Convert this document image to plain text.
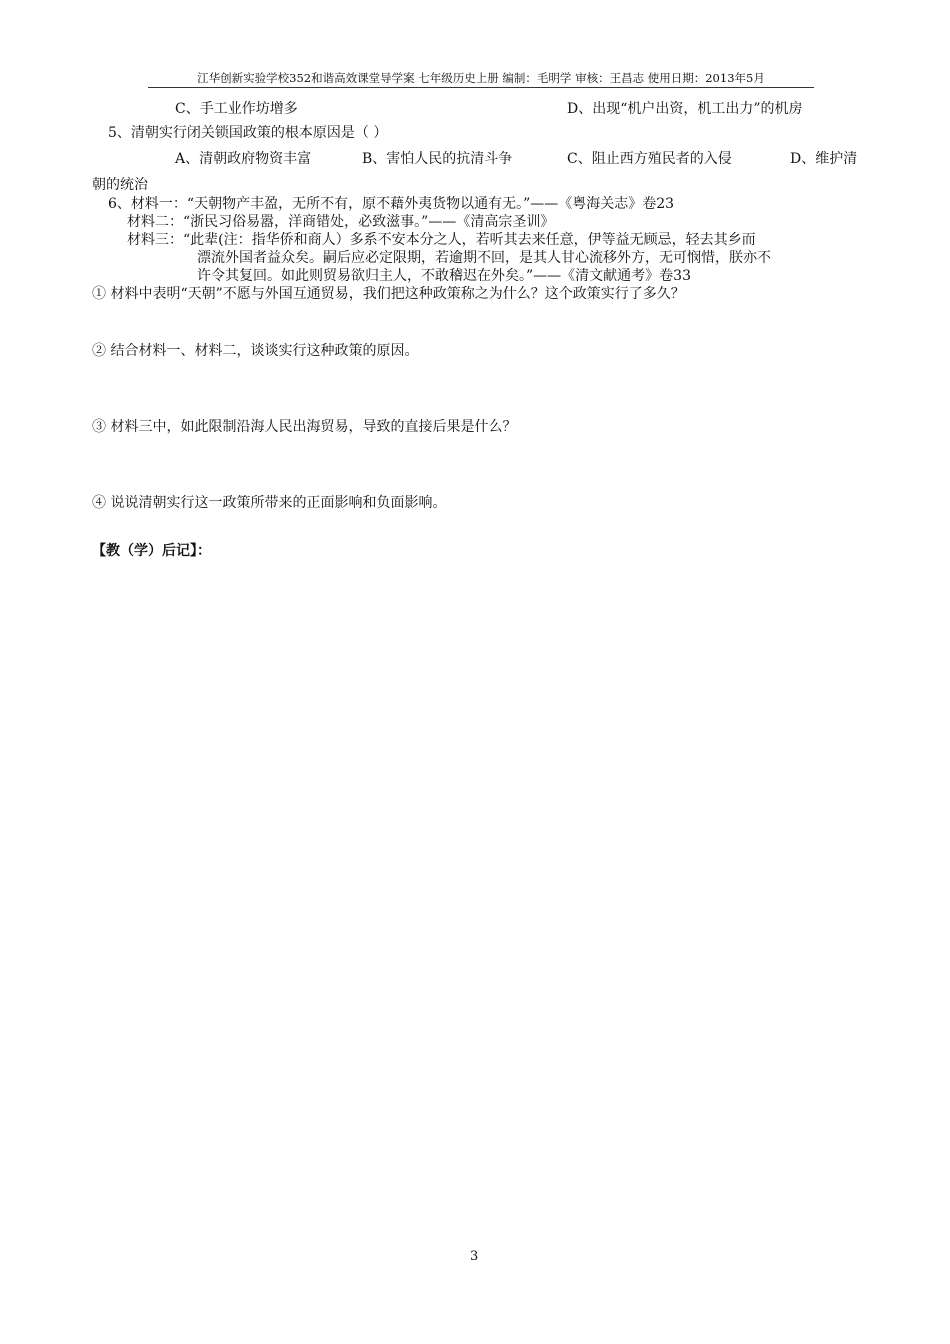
江华创新实验学校352和谐高效课堂导学案 七年级历史上册 编制：毛明学 审核：王昌志 使用日期：2013年5月
C、手工业作坊增多	D、出现“机户出资，机工出力”的机房
5、清朝实行闭关锁国政策的根本原因是（ ）
A、清朝政府物资丰富	B、害怕人民的抗清斗争	C、阻止西方殖民者的入侵	D、维护清
朝的统治
6、材料一：“天朝物产丰盈，无所不有，原不藉外夷货物以通有无。”——《粤海关志》卷23
材料二：“浙民习俗易嚣，洋商错处，必致滋事。”——《清高宗圣训》
材料三：“此辈(注：指华侨和商人）多系不安本分之人，若听其去来任意，伊等益无顾忌，轻去其乡而
漂流外国者益众矣。嗣后应必定限期，若逾期不回，是其人甘心流移外方，无可悯惜，朕亦不
许令其复回。如此则贸易欲归主人，不敢稽迟在外矣。”——《清文献通考》卷33
① 材料中表明“天朝”不愿与外国互通贸易，我们把这种政策称之为什么？这个政策实行了多久？
② 结合材料一、材料二，谈谈实行这种政策的原因。
③ 材料三中，如此限制沿海人民出海贸易，导致的直接后果是什么？
④ 说说清朝实行这一政策所带来的正面影响和负面影响。
【教（学）后记】：
3
